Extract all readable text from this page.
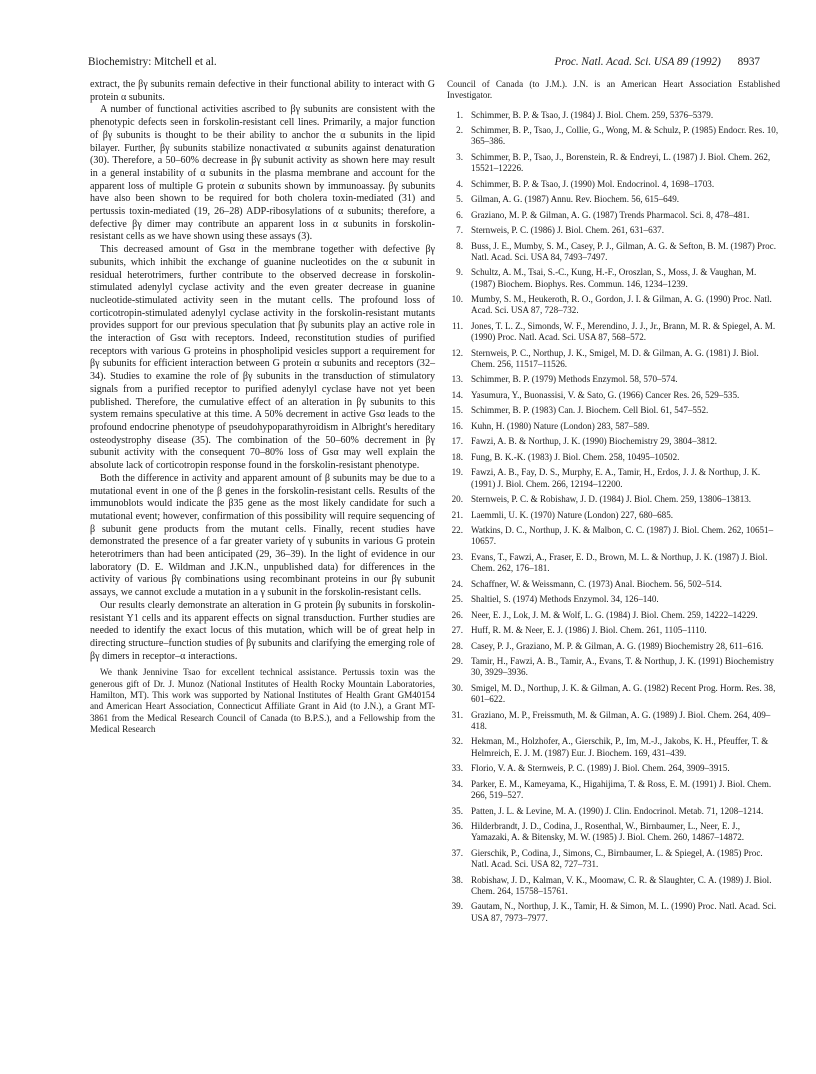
Biochemistry: Mitchell et al.	Proc. Natl. Acad. Sci. USA 89 (1992) 8937

extract, the βγ subunits remain defective in their functional ability to interact with G protein α subunits.

A number of functional activities ascribed to βγ subunits are consistent with the phenotypic defects seen in forskolin-resistant cell lines. Primarily, a major function of βγ subunits is thought to be their ability to anchor the α subunits in the lipid bilayer. Further, βγ subunits stabilize nonactivated α subunits against denaturation (30). Therefore, a 50–60% decrease in βγ subunit activity as shown here may result in a general instability of α subunits in the plasma membrane and account for the apparent loss of multiple G protein α subunits shown by immunoassay. βγ subunits have also been shown to be required for both cholera toxin-mediated (31) and pertussis toxin-mediated (19, 26–28) ADP-ribosylations of α subunits; therefore, a defective βγ dimer may contribute an apparent loss in α subunits in forskolin-resistant cells as we have shown using these assays (3).

This decreased amount of Gsα in the membrane together with defective βγ subunits, which inhibit the exchange of guanine nucleotides on the α subunit in residual heterotrimers, further contribute to the observed decrease in forskolin-stimulated adenylyl cyclase activity and the even greater decrease in guanine nucleotide-stimulated activity seen in the mutant cells. The profound loss of corticotropin-stimulated adenylyl cyclase activity in the forskolin-resistant mutants provides support for our previous speculation that βγ subunits play an active role in the interaction of Gsα with receptors. Indeed, reconstitution studies of purified receptors with various G proteins in phospholipid vesicles support a requirement for βγ subunits for efficient interaction between G protein α subunits and receptors (32–34). Studies to examine the role of βγ subunits in the transduction of stimulatory signals from a purified receptor to purified adenylyl cyclase have not yet been published. Therefore, the cumulative effect of an alteration in βγ subunits to this system remains speculative at this time. A 50% decrement in active Gsα leads to the profound endocrine phenotype of pseudohypoparathyroidism in Albright's hereditary osteodystrophy disease (35). The combination of the 50–60% decrement in βγ subunit activity with the consequent 70–80% loss of Gsα may well explain the absolute lack of corticotropin response found in the forskolin-resistant phenotype.

Both the difference in activity and apparent amount of β subunits may be due to a mutational event in one of the β genes in the forskolin-resistant cells. Results of the immunoblots would indicate the β35 gene as the most likely candidate for such a mutational event; however, confirmation of this possibility will require sequencing of β subunit gene products from the mutant cells. Finally, recent studies have demonstrated the presence of a far greater variety of γ subunits in various G protein heterotrimers than had been anticipated (29, 36–39). In the light of evidence in our laboratory (D. E. Wildman and J.K.N., unpublished data) for differences in the activity of various βγ combinations using recombinant proteins in our βγ subunit assays, we cannot exclude a mutation in a γ subunit in the forskolin-resistant cells.

Our results clearly demonstrate an alteration in G protein βγ subunits in forskolin-resistant Y1 cells and its apparent effects on signal transduction. Further studies are needed to identify the exact locus of this mutation, which will be of great help in directing structure–function studies of βγ subunits and clarifying the emerging role of βγ dimers in receptor–α interactions.

We thank Jennivine Tsao for excellent technical assistance. Pertussis toxin was the generous gift of Dr. J. Munoz (National Institutes of Health Rocky Mountain Laboratories, Hamilton, MT). This work was supported by National Institutes of Health Grant GM40154 and American Heart Association, Connecticut Affiliate Grant in Aid (to J.N.), a Grant MT-3861 from the Medical Research Council of Canada (to B.P.S.), and a Fellowship from the Medical Research

Council of Canada (to J.M.). J.N. is an American Heart Association Established Investigator.

1. Schimmer, B. P. & Tsao, J. (1984) J. Biol. Chem. 259, 5376–5379.
2. Schimmer, B. P., Tsao, J., Collie, G., Wong, M. & Schulz, P. (1985) Endocr. Res. 10, 365–386.
3. Schimmer, B. P., Tsao, J., Borenstein, R. & Endreyi, L. (1987) J. Biol. Chem. 262, 15521–12226.
4. Schimmer, B. P. & Tsao, J. (1990) Mol. Endocrinol. 4, 1698–1703.
5. Gilman, A. G. (1987) Annu. Rev. Biochem. 56, 615–649.
6. Graziano, M. P. & Gilman, A. G. (1987) Trends Pharmacol. Sci. 8, 478–481.
7. Sternweis, P. C. (1986) J. Biol. Chem. 261, 631–637.
8. Buss, J. E., Mumby, S. M., Casey, P. J., Gilman, A. G. & Sefton, B. M. (1987) Proc. Natl. Acad. Sci. USA 84, 7493–7497.
9. Schultz, A. M., Tsai, S.-C., Kung, H.-F., Oroszlan, S., Moss, J. & Vaughan, M. (1987) Biochem. Biophys. Res. Commun. 146, 1234–1239.
10. Mumby, S. M., Heukeroth, R. O., Gordon, J. I. & Gilman, A. G. (1990) Proc. Natl. Acad. Sci. USA 87, 728–732.
11. Jones, T. L. Z., Simonds, W. F., Merendino, J. J., Jr., Brann, M. R. & Spiegel, A. M. (1990) Proc. Natl. Acad. Sci. USA 87, 568–572.
12. Sternweis, P. C., Northup, J. K., Smigel, M. D. & Gilman, A. G. (1981) J. Biol. Chem. 256, 11517–11526.
13. Schimmer, B. P. (1979) Methods Enzymol. 58, 570–574.
14. Yasumura, Y., Buonassisi, V. & Sato, G. (1966) Cancer Res. 26, 529–535.
15. Schimmer, B. P. (1983) Can. J. Biochem. Cell Biol. 61, 547–552.
16. Kuhn, H. (1980) Nature (London) 283, 587–589.
17. Fawzi, A. B. & Northup, J. K. (1990) Biochemistry 29, 3804–3812.
18. Fung, B. K.-K. (1983) J. Biol. Chem. 258, 10495–10502.
19. Fawzi, A. B., Fay, D. S., Murphy, E. A., Tamir, H., Erdos, J. J. & Northup, J. K. (1991) J. Biol. Chem. 266, 12194–12200.
20. Sternweis, P. C. & Robishaw, J. D. (1984) J. Biol. Chem. 259, 13806–13813.
21. Laemmli, U. K. (1970) Nature (London) 227, 680–685.
22. Watkins, D. C., Northup, J. K. & Malbon, C. C. (1987) J. Biol. Chem. 262, 10651–10657.
23. Evans, T., Fawzi, A., Fraser, E. D., Brown, M. L. & Northup, J. K. (1987) J. Biol. Chem. 262, 176–181.
24. Schaffner, W. & Weissmann, C. (1973) Anal. Biochem. 56, 502–514.
25. Shaltiel, S. (1974) Methods Enzymol. 34, 126–140.
26. Neer, E. J., Lok, J. M. & Wolf, L. G. (1984) J. Biol. Chem. 259, 14222–14229.
27. Huff, R. M. & Neer, E. J. (1986) J. Biol. Chem. 261, 1105–1110.
28. Casey, P. J., Graziano, M. P. & Gilman, A. G. (1989) Biochemistry 28, 611–616.
29. Tamir, H., Fawzi, A. B., Tamir, A., Evans, T. & Northup, J. K. (1991) Biochemistry 30, 3929–3936.
30. Smigel, M. D., Northup, J. K. & Gilman, A. G. (1982) Recent Prog. Horm. Res. 38, 601–622.
31. Graziano, M. P., Freissmuth, M. & Gilman, A. G. (1989) J. Biol. Chem. 264, 409–418.
32. Hekman, M., Holzhofer, A., Gierschik, P., Im, M.-J., Jakobs, K. H., Pfeuffer, T. & Helmreich, E. J. M. (1987) Eur. J. Biochem. 169, 431–439.
33. Florio, V. A. & Sternweis, P. C. (1989) J. Biol. Chem. 264, 3909–3915.
34. Parker, E. M., Kameyama, K., Higahijima, T. & Ross, E. M. (1991) J. Biol. Chem. 266, 519–527.
35. Patten, J. L. & Levine, M. A. (1990) J. Clin. Endocrinol. Metab. 71, 1208–1214.
36. Hilderbrandt, J. D., Codina, J., Rosenthal, W., Birnbaumer, L., Neer, E. J., Yamazaki, A. & Bitensky, M. W. (1985) J. Biol. Chem. 260, 14867–14872.
37. Gierschik, P., Codina, J., Simons, C., Birnbaumer, L. & Spiegel, A. (1985) Proc. Natl. Acad. Sci. USA 82, 727–731.
38. Robishaw, J. D., Kalman, V. K., Moomaw, C. R. & Slaughter, C. A. (1989) J. Biol. Chem. 264, 15758–15761.
39. Gautam, N., Northup, J. K., Tamir, H. & Simon, M. L. (1990) Proc. Natl. Acad. Sci. USA 87, 7973–7977.
